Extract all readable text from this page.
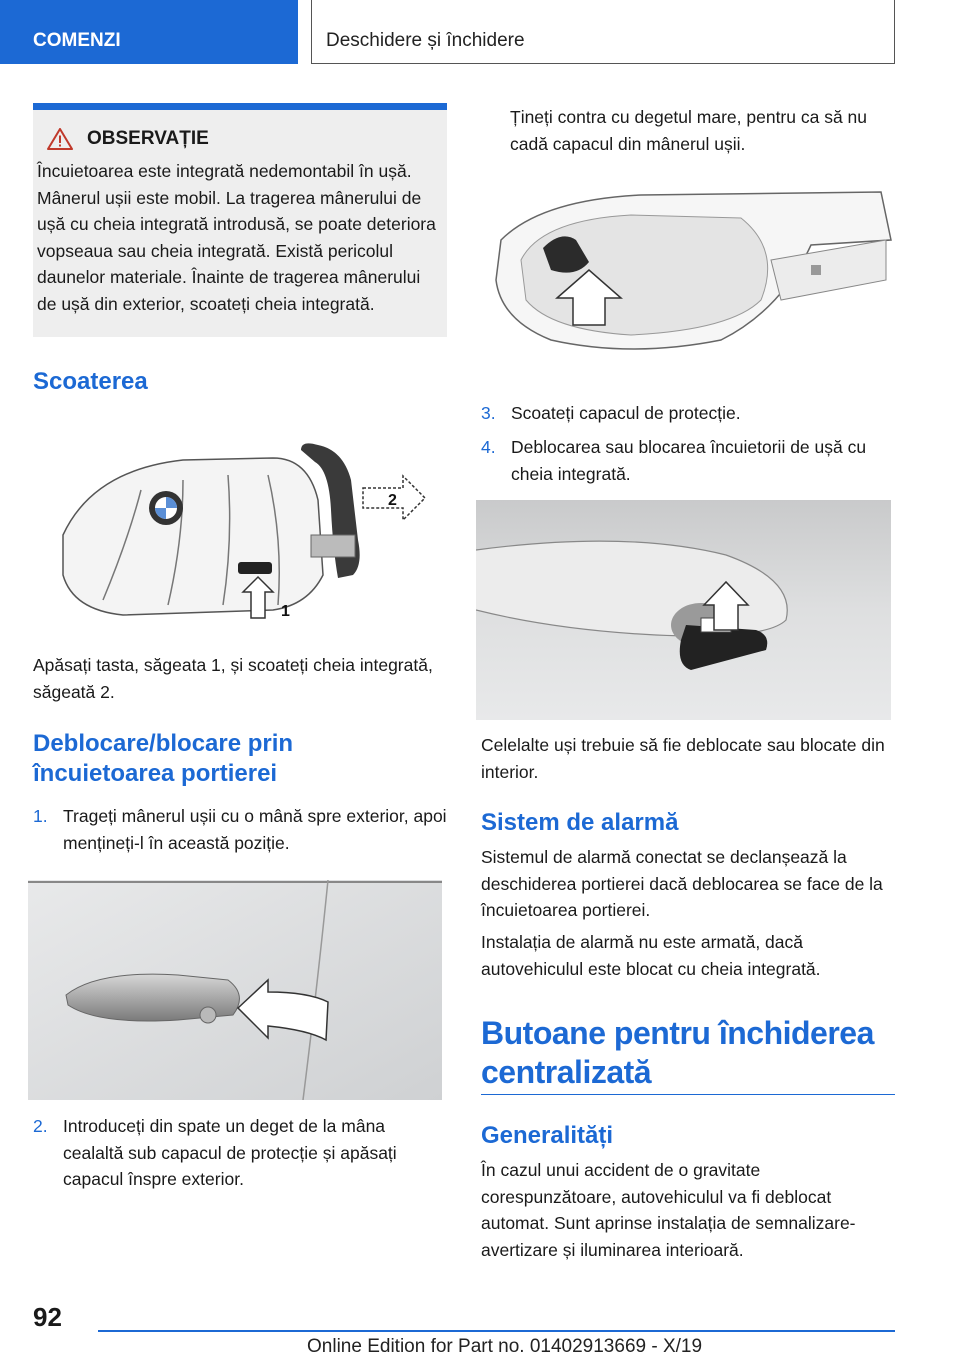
COMENZI	Deschidere și închidere
OBSERVAȚIE
Încuietoarea este integrată nedemontabil în ușă. Mânerul ușii este mobil. La tragerea mânerului de ușă cu cheia integrată introdusă, se poate deteriora vopseaua sau cheia integrată. Există pericolul daunelor materiale. Înainte de tragerea mânerului de ușă din exterior, scoateți cheia integrată.
Scoaterea

Apăsați tasta, săgeata 1, și scoateți cheia integrată, săgeată 2.

Deblocare/blocare prin încuietoarea portierei
1. Trageți mânerul ușii cu o mână spre exterior, apoi mențineți-l în această poziție.
2
1
2. Introduceți din spate un deget de la mâna cealaltă sub capacul de protecție și apăsați capacul înspre exterior.

Țineți contra cu degetul mare, pentru ca să nu cadă capacul din mânerul ușii.

3. Scoateți capacul de protecție.
4. Deblocarea sau blocarea încuietorii de ușă cu cheia integrată.

Celelalte uși trebuie să fie deblocate sau blocate din interior.

Sistem de alarmă

Sistemul de alarmă conectat se declanșează la deschiderea portierei dacă deblocarea se face de la încuietoarea portierei.

Instalația de alarmă nu este armată, dacă autovehiculul este blocat cu cheia integrată.

Butoane pentru închiderea centralizată
Generalități

În cazul unui accident de o gravitate corespunzătoare, autovehiculul va fi deblocat automat. Sunt aprinse instalația de semnalizare-avertizare și iluminarea interioară.

92
Online Edition for Part no. 01402913669 - X/19
